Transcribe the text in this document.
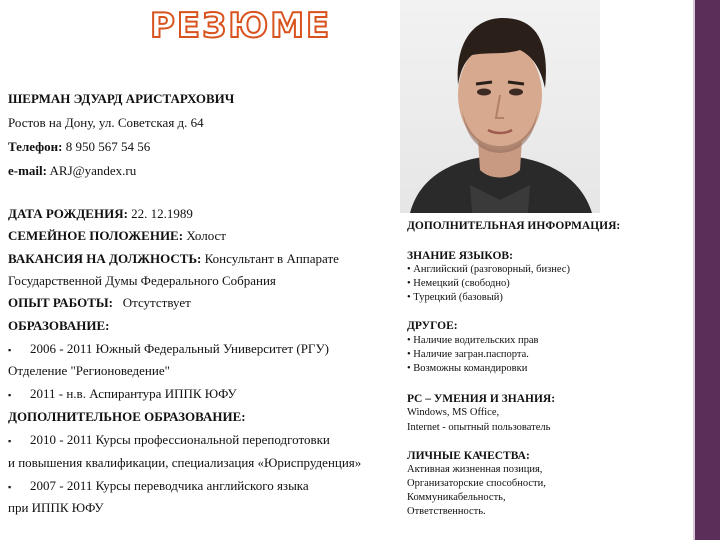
РЕЗЮМЕ
ШЕРМАН ЭДУАРД АРИСТАРХОВИЧ
Ростов на Дону, ул. Советская д. 64
Телефон: 8 950 567 54 56
e-mail: ARJ@yandex.ru
ДАТА РОЖДЕНИЯ: 22. 12.1989
СЕМЕЙНОЕ ПОЛОЖЕНИЕ: Холост
ВАКАНСИЯ НА ДОЛЖНОСТЬ: Консультант в Аппарате
Государственной Думы Федерального Собрания
ОПЫТ РАБОТЫ: Отсутствует
ОБРАЗОВАНИЕ:
▪ 2006 - 2011 Южный Федеральный Университет (РГУ)
Отделение "Регионоведение"
▪ 2011 - н.в. Аспирантура ИППК ЮФУ
ДОПОЛНИТЕЛЬНОЕ ОБРАЗОВАНИЕ:
▪ 2010 - 2011 Курсы профессиональной переподготовки
и повышения квалификации, специализация «Юриспруденция»
▪ 2007 - 2011 Курсы переводчика английского языка
при ИППК ЮФУ
ДОПОЛНИТЕЛЬНАЯ ИНФОРМАЦИЯ:
ЗНАНИЕ ЯЗЫКОВ:
• Английский (разговорный, бизнес)
• Немецкий (свободно)
• Турецкий (базовый)
ДРУГОЕ:
• Наличие водительских прав
• Наличие загран.паспорта.
• Возможны командировки
PC – УМЕНИЯ И ЗНАНИЯ:
Windows, MS Office,
Internet - опытный пользователь
ЛИЧНЫЕ КАЧЕСТВА:
Активная жизненная позиция,
Организаторские способности,
Коммуникабельность,
Ответственность.
